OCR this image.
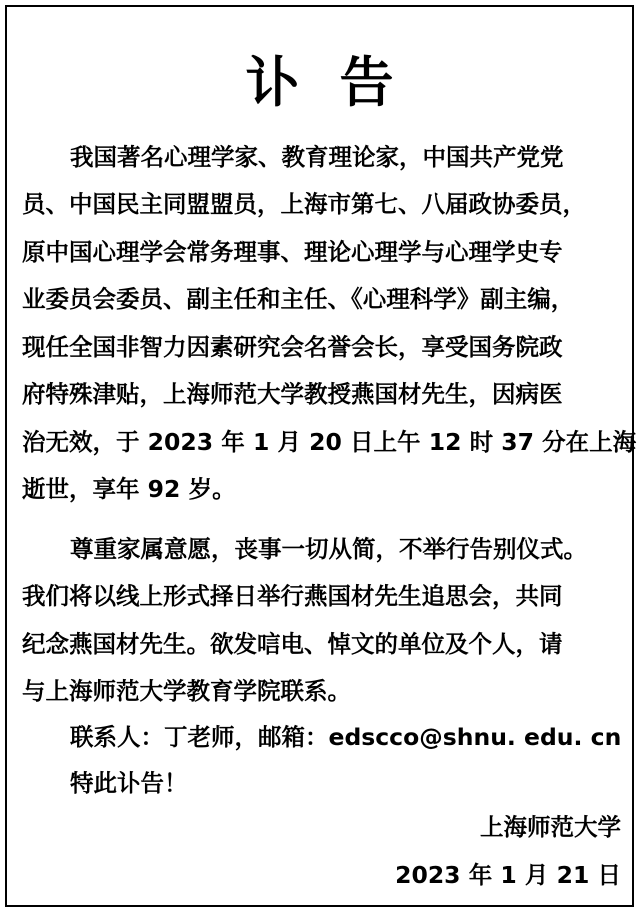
讣告
我国著名心理学家、教育理论家，中国共产党党
员、中国民主同盟盟员，上海市第七、八届政协委员，
原中国心理学会常务理事、理论心理学与心理学史专
业委员会委员、副主任和主任、《心理科学》副主编，
现任全国非智力因素研究会名誉会长，享受国务院政
府特殊津贴，上海师范大学教授燕国材先生，因病医
治无效，于 2023 年 1 月 20 日上午 12 时 37 分在上海
逝世，享年 92 岁。
尊重家属意愿，丧事一切从简，不举行告别仪式。
我们将以线上形式择日举行燕国材先生追思会，共同
纪念燕国材先生。欲发唁电、悼文的单位及个人，请
与上海师范大学教育学院联系。
联系人：丁老师，邮箱：edscco@shnu. edu. cn
特此讣告！
上海师范大学
2023 年 1 月 21 日
